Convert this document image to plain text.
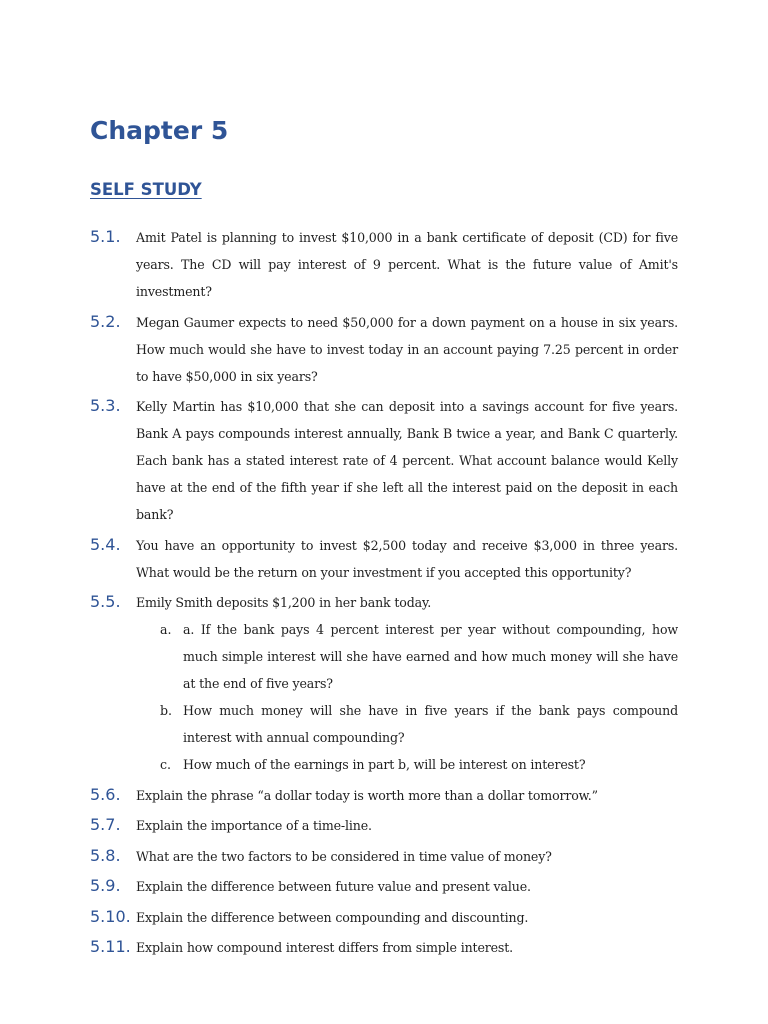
Chapter 5
SELF STUDY
5.1. Amit Patel is planning to invest $10,000 in a bank certificate of deposit (CD) for five years. The CD will pay interest of 9 percent. What is the future value of Amit's investment?
5.2. Megan Gaumer expects to need $50,000 for a down payment on a house in six years. How much would she have to invest today in an account paying 7.25 percent in order to have $50,000 in six years?
5.3. Kelly Martin has $10,000 that she can deposit into a savings account for five years. Bank A pays compounds interest annually, Bank B twice a year, and Bank C quarterly. Each bank has a stated interest rate of 4 percent. What account balance would Kelly have at the end of the fifth year if she left all the interest paid on the deposit in each bank?
5.4. You have an opportunity to invest $2,500 today and receive $3,000 in three years. What would be the return on your investment if you accepted this opportunity?
5.5. Emily Smith deposits $1,200 in her bank today.
a. a. If the bank pays 4 percent interest per year without compounding, how much simple interest will she have earned and how much money will she have at the end of five years?
b. How much money will she have in five years if the bank pays compound interest with annual compounding?
c. How much of the earnings in part b, will be interest on interest?
5.6. Explain the phrase “a dollar today is worth more than a dollar tomorrow.”
5.7. Explain the importance of a time-line.
5.8. What are the two factors to be considered in time value of money?
5.9. Explain the difference between future value and present value.
5.10. Explain the difference between compounding and discounting.
5.11. Explain how compound interest differs from simple interest.
